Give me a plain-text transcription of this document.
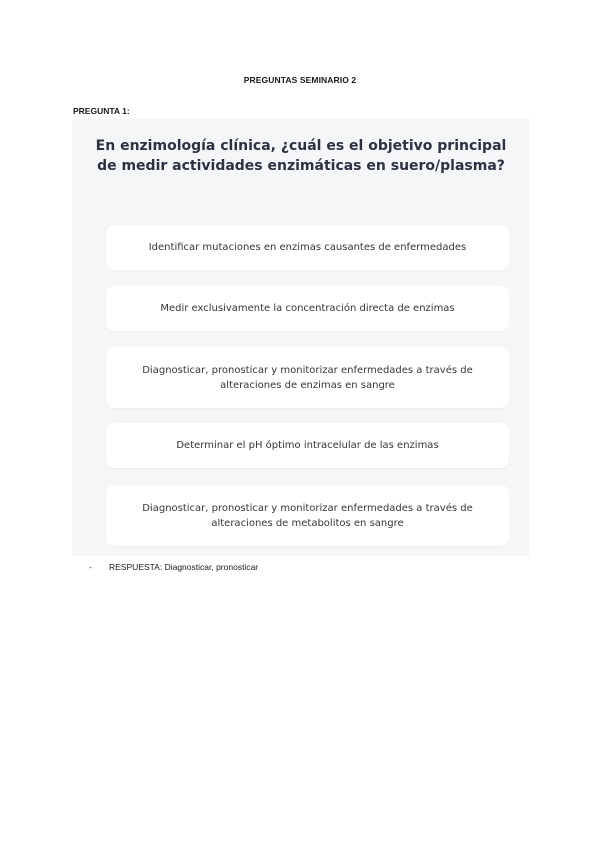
PREGUNTAS SEMINARIO 2
PREGUNTA 1:
En enzimología clínica, ¿cuál es el objetivo principal de medir actividades enzimáticas en suero/plasma?
Identificar mutaciones en enzimas causantes de enfermedades
Medir exclusivamente la concentración directa de enzimas
Diagnosticar, pronosticar y monitorizar enfermedades a través de alteraciones de enzimas en sangre
Determinar el pH óptimo intracelular de las enzimas
Diagnosticar, pronosticar y monitorizar enfermedades a través de alteraciones de metabolitos en sangre
-	RESPUESTA: Diagnosticar, pronosticar
